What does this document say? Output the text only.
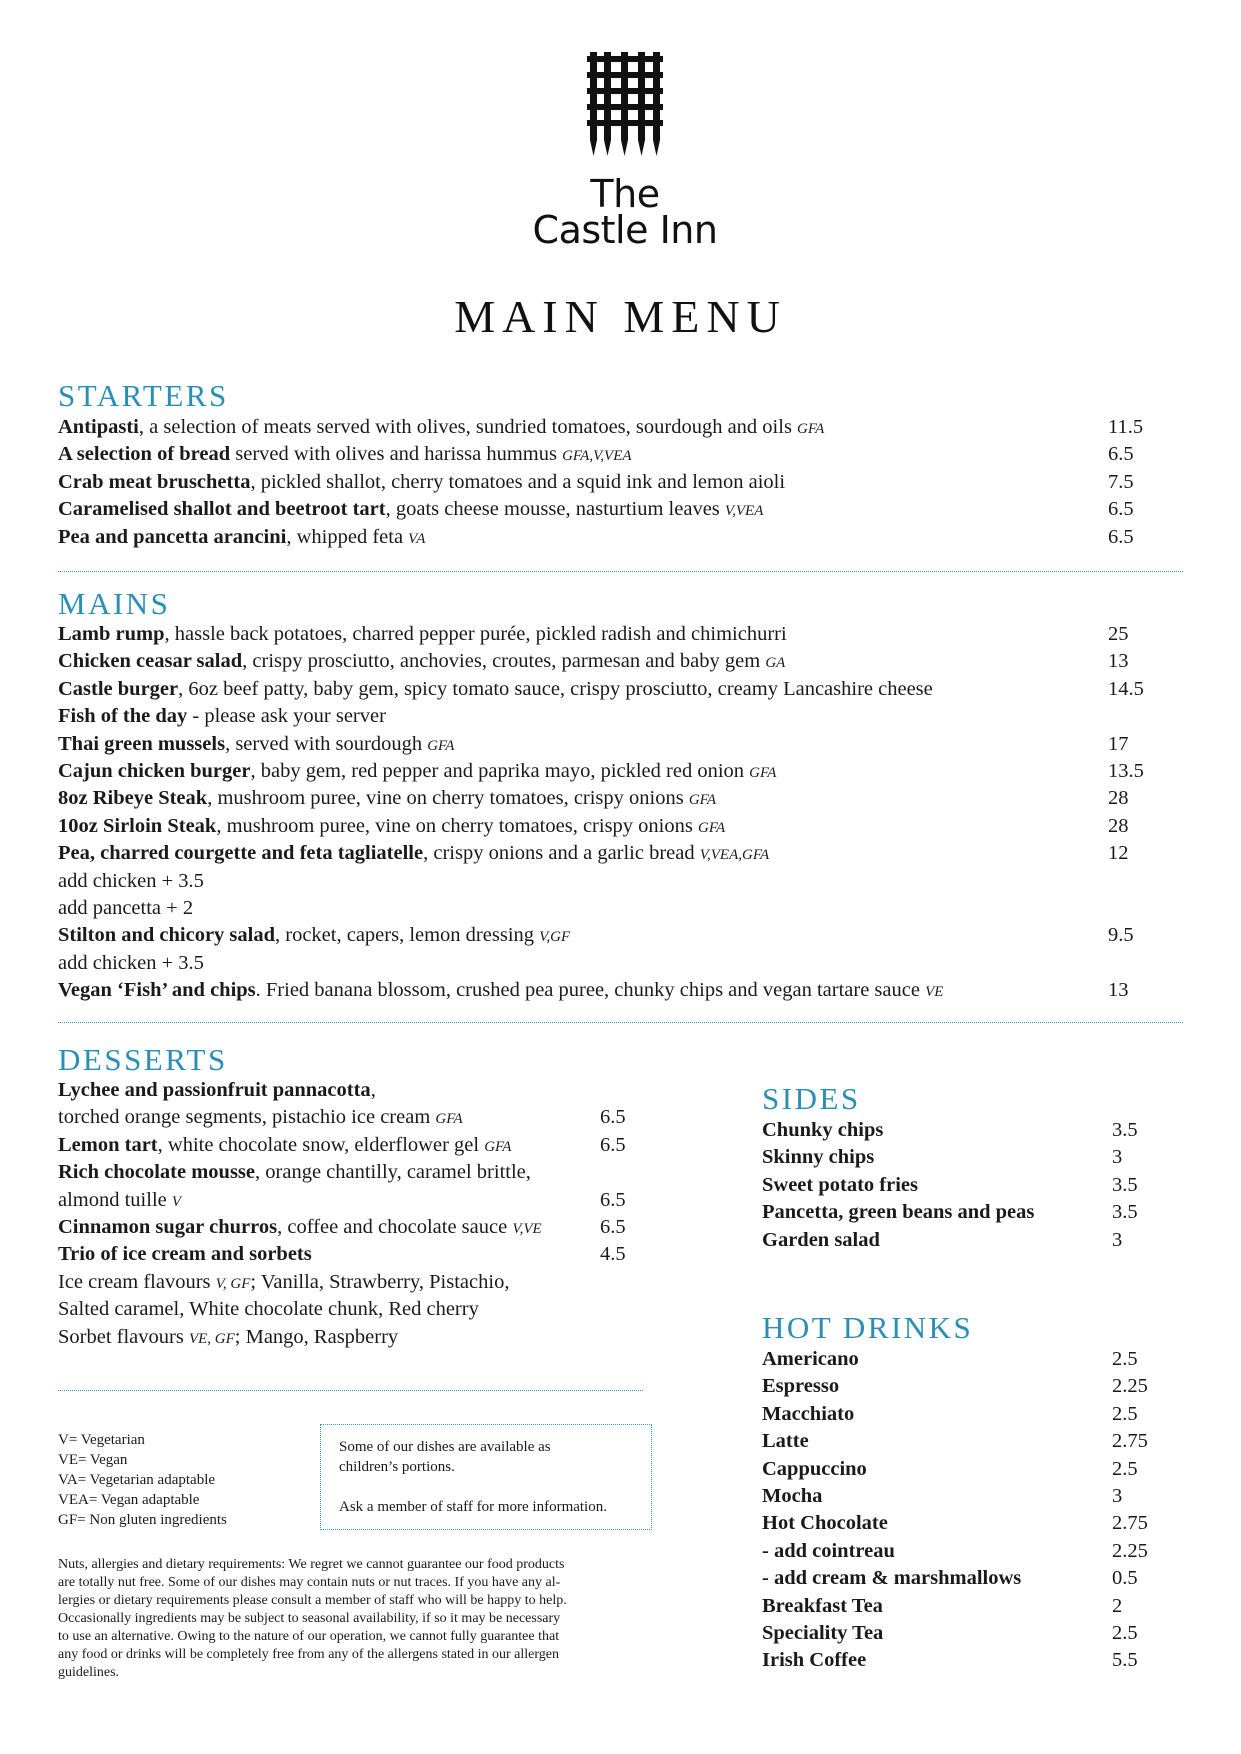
The
Castle Inn
MAIN MENU
STARTERS
Antipasti, a selection of meats served with olives, sundried tomatoes, sourdough and oils GFA	11.5
A selection of bread served with olives and harissa hummus GFA,V,VEA	6.5
Crab meat bruschetta, pickled shallot, cherry tomatoes and a squid ink and lemon aioli	7.5
Caramelised shallot and beetroot tart, goats cheese mousse, nasturtium leaves V,VEA	6.5
Pea and pancetta arancini, whipped feta VA	6.5
MAINS
Lamb rump, hassle back potatoes, charred pepper purée, pickled radish and chimichurri	25
Chicken ceasar salad, crispy prosciutto, anchovies, croutes, parmesan and baby gem GA	13
Castle burger, 6oz beef patty, baby gem, spicy tomato sauce, crispy prosciutto, creamy Lancashire cheese	14.5
Fish of the day - please ask your server
Thai green mussels, served with sourdough GFA	17
Cajun chicken burger, baby gem, red pepper and paprika mayo, pickled red onion GFA	13.5
8oz Ribeye Steak, mushroom puree, vine on cherry tomatoes, crispy onions GFA	28
10oz Sirloin Steak, mushroom puree, vine on cherry tomatoes, crispy onions GFA	28
Pea, charred courgette and feta tagliatelle, crispy onions and a garlic bread V,VEA,GFA	12
add chicken + 3.5
add pancetta + 2
Stilton and chicory salad, rocket, capers, lemon dressing V,GF	9.5
add chicken + 3.5
Vegan ‘Fish’ and chips. Fried banana blossom, crushed pea puree, chunky chips and vegan tartare sauce VE	13
DESSERTS
Lychee and passionfruit pannacotta,
torched orange segments, pistachio ice cream GFA	6.5
Lemon tart, white chocolate snow, elderflower gel GFA	6.5
Rich chocolate mousse, orange chantilly, caramel brittle,
almond tuille V	6.5
Cinnamon sugar churros, coffee and chocolate sauce V,VE	6.5
Trio of ice cream and sorbets	4.5
Ice cream flavours V, GF; Vanilla, Strawberry, Pistachio,
Salted caramel, White chocolate chunk, Red cherry
Sorbet flavours VE, GF; Mango, Raspberry
SIDES
Chunky chips	3.5
Skinny chips	3
Sweet potato fries	3.5
Pancetta, green beans and peas	3.5
Garden salad	3
HOT DRINKS
Americano	2.5
Espresso	2.25
Macchiato	2.5
Latte	2.75
Cappuccino	2.5
Mocha	3
Hot Chocolate	2.75
- add cointreau	2.25
- add cream & marshmallows	0.5
Breakfast Tea	2
Speciality Tea	2.5
Irish Coffee	5.5
V= Vegetarian
VE= Vegan
VA= Vegetarian adaptable
VEA= Vegan adaptable
GF= Non gluten ingredients
Some of our dishes are available as
children’s portions.
Ask a member of staff for more information.
Nuts, allergies and dietary requirements: We regret we cannot guarantee our food products
are totally nut free. Some of our dishes may contain nuts or nut traces. If you have any al-
lergies or dietary requirements please consult a member of staff who will be happy to help.
Occasionally ingredients may be subject to seasonal availability, if so it may be necessary
to use an alternative. Owing to the nature of our operation, we cannot fully guarantee that
any food or drinks will be completely free from any of the allergens stated in our allergen
guidelines.
